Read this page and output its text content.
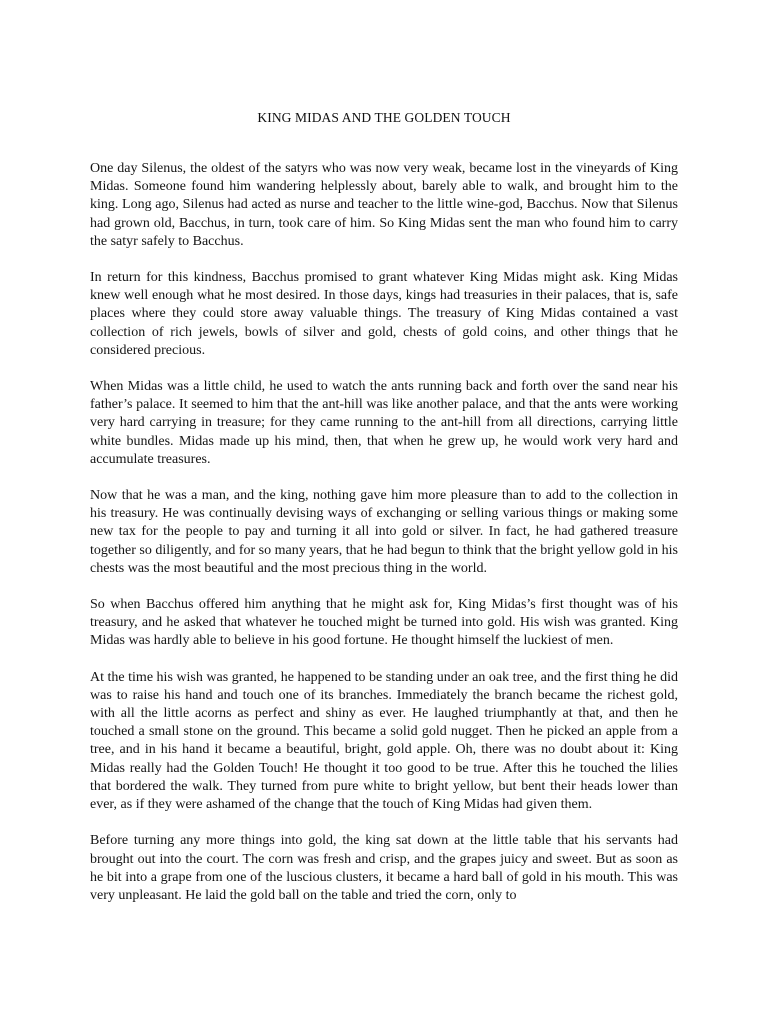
KING MIDAS AND THE GOLDEN TOUCH

One day Silenus, the oldest of the satyrs who was now very weak, became lost in the vineyards of King Midas. Someone found him wandering helplessly about, barely able to walk, and brought him to the king. Long ago, Silenus had acted as nurse and teacher to the little wine-god, Bacchus. Now that Silenus had grown old, Bacchus, in turn, took care of him. So King Midas sent the man who found him to carry the satyr safely to Bacchus.

In return for this kindness, Bacchus promised to grant whatever King Midas might ask. King Midas knew well enough what he most desired. In those days, kings had treasuries in their palaces, that is, safe places where they could store away valuable things. The treasury of King Midas contained a vast collection of rich jewels, bowls of silver and gold, chests of gold coins, and other things that he considered precious.

When Midas was a little child, he used to watch the ants running back and forth over the sand near his father’s palace. It seemed to him that the ant-hill was like another palace, and that the ants were working very hard carrying in treasure; for they came running to the ant-hill from all directions, carrying little white bundles. Midas made up his mind, then, that when he grew up, he would work very hard and accumulate treasures.

Now that he was a man, and the king, nothing gave him more pleasure than to add to the collection in his treasury. He was continually devising ways of exchanging or selling various things or making some new tax for the people to pay and turning it all into gold or silver. In fact, he had gathered treasure together so diligently, and for so many years, that he had begun to think that the bright yellow gold in his chests was the most beautiful and the most precious thing in the world.

So when Bacchus offered him anything that he might ask for, King Midas’s first thought was of his treasury, and he asked that whatever he touched might be turned into gold. His wish was granted. King Midas was hardly able to believe in his good fortune. He thought himself the luckiest of men.

At the time his wish was granted, he happened to be standing under an oak tree, and the first thing he did was to raise his hand and touch one of its branches. Immediately the branch became the richest gold, with all the little acorns as perfect and shiny as ever. He laughed triumphantly at that, and then he touched a small stone on the ground. This became a solid gold nugget. Then he picked an apple from a tree, and in his hand it became a beautiful, bright, gold apple. Oh, there was no doubt about it: King Midas really had the Golden Touch! He thought it too good to be true. After this he touched the lilies that bordered the walk. They turned from pure white to bright yellow, but bent their heads lower than ever, as if they were ashamed of the change that the touch of King Midas had given them.

Before turning any more things into gold, the king sat down at the little table that his servants had brought out into the court. The corn was fresh and crisp, and the grapes juicy and sweet. But as soon as he bit into a grape from one of the luscious clusters, it became a hard ball of gold in his mouth. This was very unpleasant. He laid the gold ball on the table and tried the corn, only to
